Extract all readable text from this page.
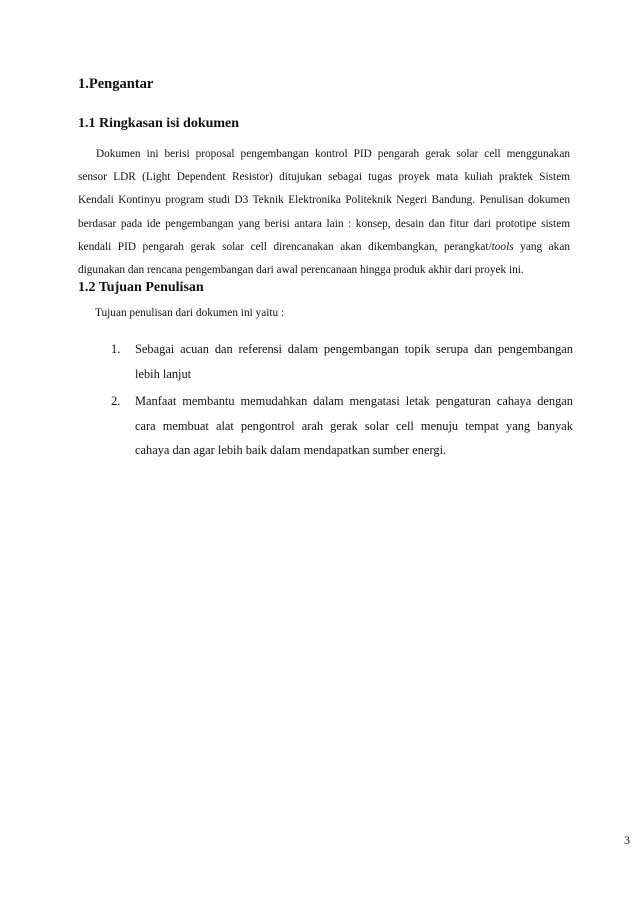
1.Pengantar
1.1 Ringkasan isi dokumen

Dokumen ini berisi proposal pengembangan kontrol PID pengarah gerak solar cell menggunakan
sensor LDR (Light Dependent Resistor) ditujukan sebagai tugas proyek mata kuliah praktek Sistem
Kendali Kontinyu program studi D3 Teknik Elektronika Politeknik Negeri Bandung. Penulisan dokumen
berdasar pada ide pengembangan yang berisi antara lain : konsep, desain dan fitur dari prototipe sistem
kendali PID pengarah gerak solar cell direncanakan akan dikembangkan, perangkat/tools yang akan
digunakan dan rencana pengembangan dari awal perencanaan hingga produk akhir dari proyek ini.

1.2 Tujuan Penulisan

Tujuan penulisan dari dokumen ini yaitu :

1. Sebagai acuan dan referensi dalam pengembangan topik serupa dan pengembangan
lebih lanjut
2. Manfaat membantu memudahkan dalam mengatasi letak pengaturan cahaya dengan
cara membuat alat pengontrol arah gerak solar cell menuju tempat yang banyak
cahaya dan agar lebih baik dalam mendapatkan sumber energi.
3
